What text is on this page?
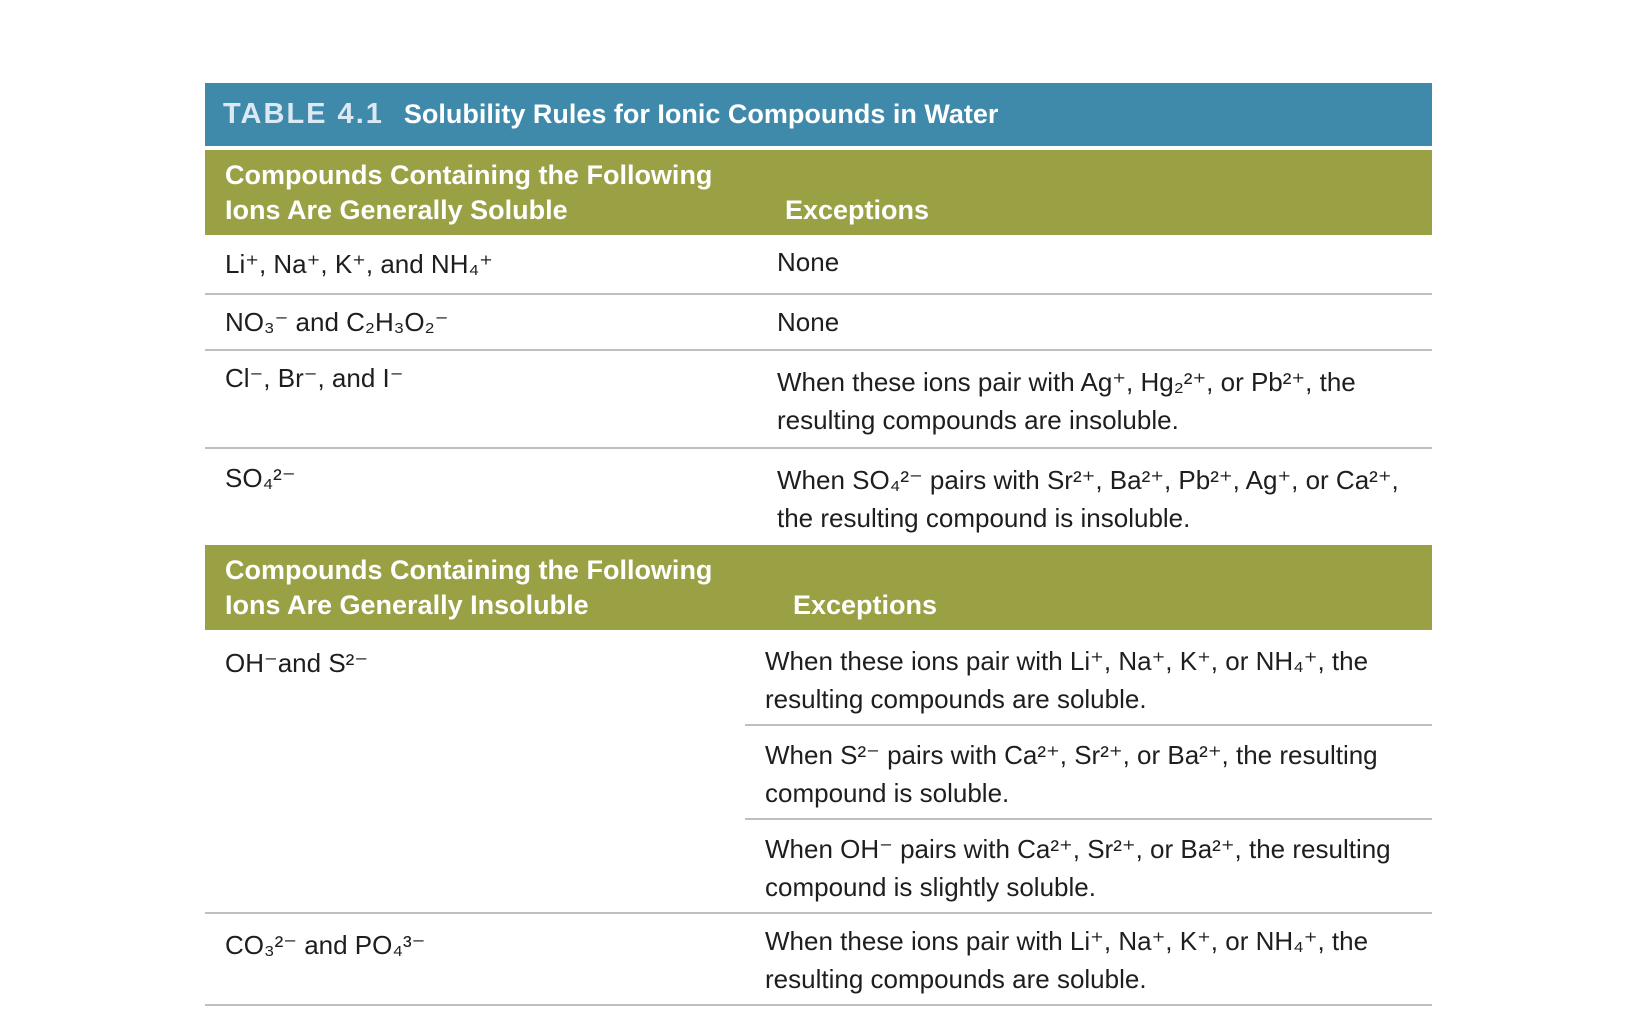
TABLE 4.1 Solubility Rules for Ionic Compounds in Water
Compounds Containing the Following Ions Are Generally Soluble	Exceptions
Li⁺, Na⁺, K⁺, and NH₄⁺	None
NO₃⁻ and C₂H₃O₂⁻	None
Cl⁻, Br⁻, and I⁻	When these ions pair with Ag⁺, Hg₂²⁺, or Pb²⁺, the resulting compounds are insoluble.
SO₄²⁻	When SO₄²⁻ pairs with Sr²⁺, Ba²⁺, Pb²⁺, Ag⁺, or Ca²⁺, the resulting compound is insoluble.
Compounds Containing the Following Ions Are Generally Insoluble	Exceptions
OH⁻and S²⁻	When these ions pair with Li⁺, Na⁺, K⁺, or NH₄⁺, the resulting compounds are soluble.
When S²⁻ pairs with Ca²⁺, Sr²⁺, or Ba²⁺, the resulting compound is soluble.
When OH⁻ pairs with Ca²⁺, Sr²⁺, or Ba²⁺, the resulting compound is slightly soluble.
CO₃²⁻ and PO₄³⁻	When these ions pair with Li⁺, Na⁺, K⁺, or NH₄⁺, the resulting compounds are soluble.
